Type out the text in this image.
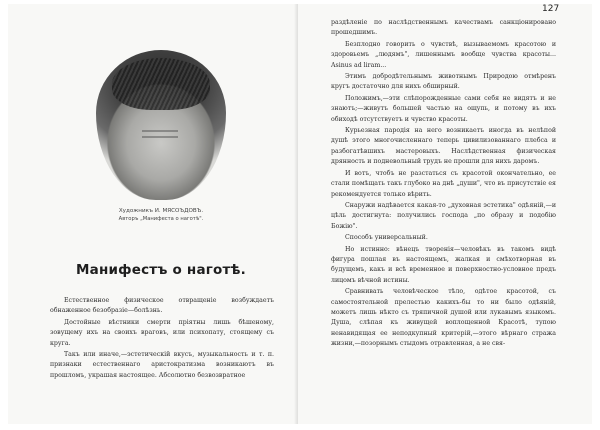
Художникъ И. МЯСОЪДОВЪ.
Авторъ „Манифеста о наготѣ".
Манифестъ о наготѣ.

Естественное физическое отвращеніе возбуждаетъ обнаженное безобразіе—болѣзнь.

Достойные вѣстники смерти пріятны лишь бѣшеному, зовущему ихъ на своихъ враговъ, или психопату, стоящему съ круга.

Такъ или иначе,—эстетическій вкусъ, музыкальность и т. п. признаки естественнаго аристократизма возникаютъ въ прошломъ, украшая настоящее. Абсолютно безвозвратное

127

раздѣленіе по наслѣдственнымъ качествамъ санкціонировано прошедшимъ.

Безплодно говорить о чувствѣ, вызываемомъ красотою и здоровьемъ „людямъ", лишеннымъ вообще чувства красоты... Asinus ad liram...

Этимъ добродѣтельнымъ животнымъ Природою отмѣренъ кругъ достаточно для нихъ обширный.

Положимъ,—эти слѣпорожденные сами себя не видятъ и не знаютъ;—живутъ большей частью на ощупь, и потому въ ихъ обиходѣ отсутствуетъ и чувство красоты.

Курьезная пародія на него возникаетъ иногда въ нелѣпой душѣ этого многочисленнаго теперь цивилизованнаго плебса и разбогатѣвшихъ мастеровыхъ. Наслѣдственная физическая дрянность и подневольный трудъ не прошли для нихъ даромъ.

И вотъ, чтобъ не разстаться съ красотой окончательно, ее стали помѣщать такъ глубоко на днѣ „души", что въ присутствіе ея рекомендуется только вѣрить.

Снаружи надѣвается какая-то „духовная эстетика" одѣяній,—и цѣль достигнута: получились господа „по образу и подобію Божію".

Способъ универсальный.

Но истинно: вѣнецъ творенія—человѣкъ въ такомъ видѣ фигура пошлая въ настоящемъ, жалкая и смѣхотворная въ будущемъ, какъ и всѣ временное и поверхностно-условное предъ лицомъ вѣчной истины.

Сравнивать человѣческое тѣло, одѣтое красотой, съ самостоятельной прелестью какихъ-бы то ни было одѣяній, можетъ лишь нѣкто съ тряпичной душой или лукавымъ языкомъ. Душа, слѣпая къ живущей воплощенной Красотѣ, тупою ненавидящая ее неподкупный критерій,—этого вѣрнаго стража жизни,—позорнымъ стыдомъ отравленная, а не свя-
